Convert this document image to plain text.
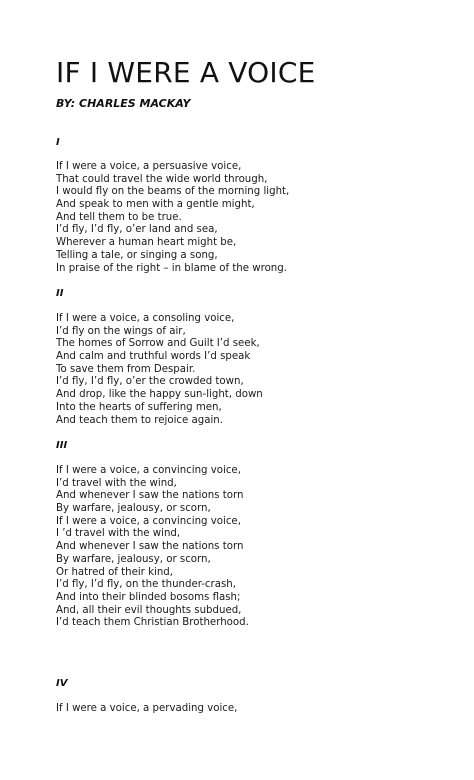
IF I WERE A VOICE

BY: CHARLES MACKAY

I

If I were a voice, a persuasive voice,
That could travel the wide world through,
I would fly on the beams of the morning light,
And speak to men with a gentle might,
And tell them to be true.
I’d fly, I’d fly, o’er land and sea,
Wherever a human heart might be,
Telling a tale, or singing a song,
In praise of the right – in blame of the wrong.

II

If I were a voice, a consoling voice,
I’d fly on the wings of air,
The homes of Sorrow and Guilt I’d seek,
And calm and truthful words I’d speak
To save them from Despair.
I’d fly, I’d fly, o’er the crowded town,
And drop, like the happy sun-light, down
Into the hearts of suffering men,
And teach them to rejoice again.

III

If I were a voice, a convincing voice,
I’d travel with the wind,
And whenever I saw the nations torn
By warfare, jealousy, or scorn,
If I were a voice, a convincing voice,
I ’d travel with the wind,
And whenever I saw the nations torn
By warfare, jealousy, or scorn,
Or hatred of their kind,
I’d fly, I’d fly, on the thunder-crash,
And into their blinded bosoms flash;
And, all their evil thoughts subdued,
I’d teach them Christian Brotherhood.

IV

If I were a voice, a pervading voice,
